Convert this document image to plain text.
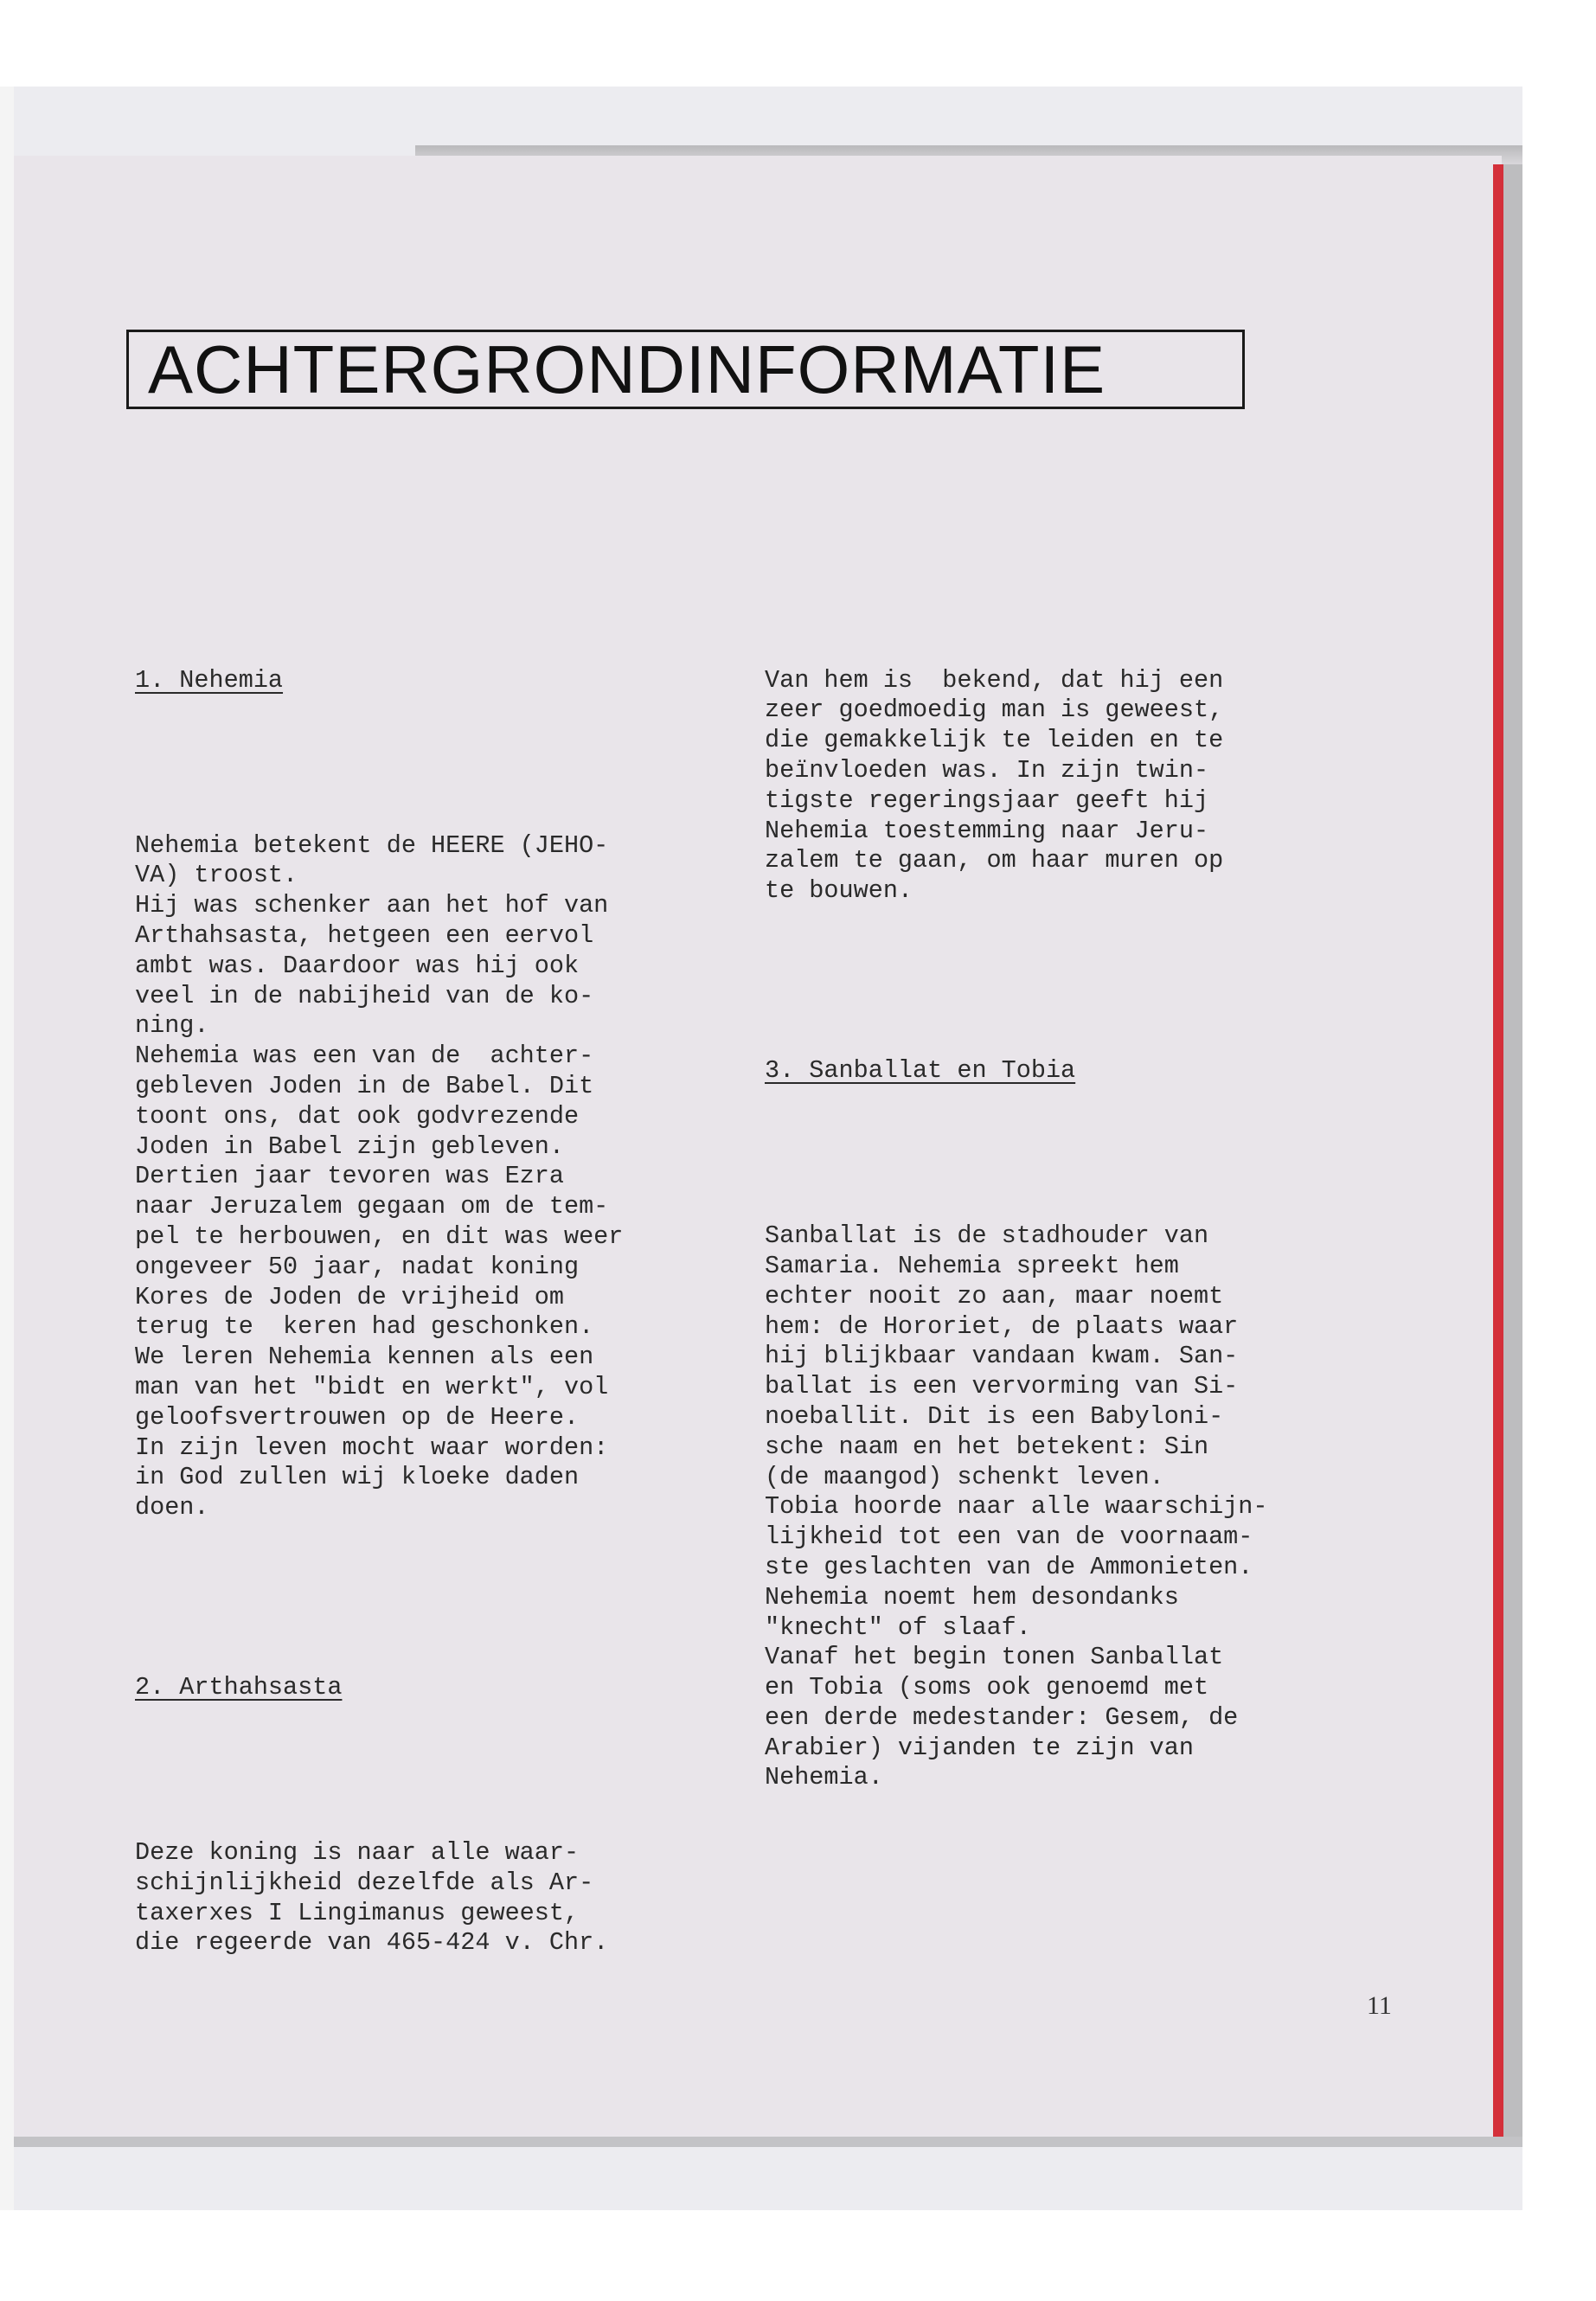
ACHTERGRONDINFORMATIE

1. Nehemia

Nehemia betekent de HEERE (JEHO-
VA) troost.
Hij was schenker aan het hof van
Arthahsasta, hetgeen een eervol
ambt was. Daardoor was hij ook
veel in de nabijheid van de ko-
ning.
Nehemia was een van de  achter-
gebleven Joden in de Babel. Dit
toont ons, dat ook godvrezende
Joden in Babel zijn gebleven.
Dertien jaar tevoren was Ezra
naar Jeruzalem gegaan om de tem-
pel te herbouwen, en dit was weer
ongeveer 50 jaar, nadat koning
Kores de Joden de vrijheid om
terug te  keren had geschonken.
We leren Nehemia kennen als een
man van het "bidt en werkt", vol
geloofsvertrouwen op de Heere.
In zijn leven mocht waar worden:
in God zullen wij kloeke daden
doen.

2. Arthahsasta

Deze koning is naar alle waar-
schijnlijkheid dezelfde als Ar-
taxerxes I Lingimanus geweest,
die regeerde van 465-424 v. Chr.

Van hem is  bekend, dat hij een
zeer goedmoedig man is geweest,
die gemakkelijk te leiden en te
beïnvloeden was. In zijn twin-
tigste regeringsjaar geeft hij
Nehemia toestemming naar Jeru-
zalem te gaan, om haar muren op
te bouwen.

3. Sanballat en Tobia

Sanballat is de stadhouder van
Samaria. Nehemia spreekt hem
echter nooit zo aan, maar noemt
hem: de Hororiet, de plaats waar
hij blijkbaar vandaan kwam. San-
ballat is een vervorming van Si-
noeballit. Dit is een Babyloni-
sche naam en het betekent: Sin
(de maangod) schenkt leven.
Tobia hoorde naar alle waarschijn-
lijkheid tot een van de voornaam-
ste geslachten van de Ammonieten.
Nehemia noemt hem desondanks
"knecht" of slaaf.
Vanaf het begin tonen Sanballat
en Tobia (soms ook genoemd met
een derde medestander: Gesem, de
Arabier) vijanden te zijn van
Nehemia.

11
